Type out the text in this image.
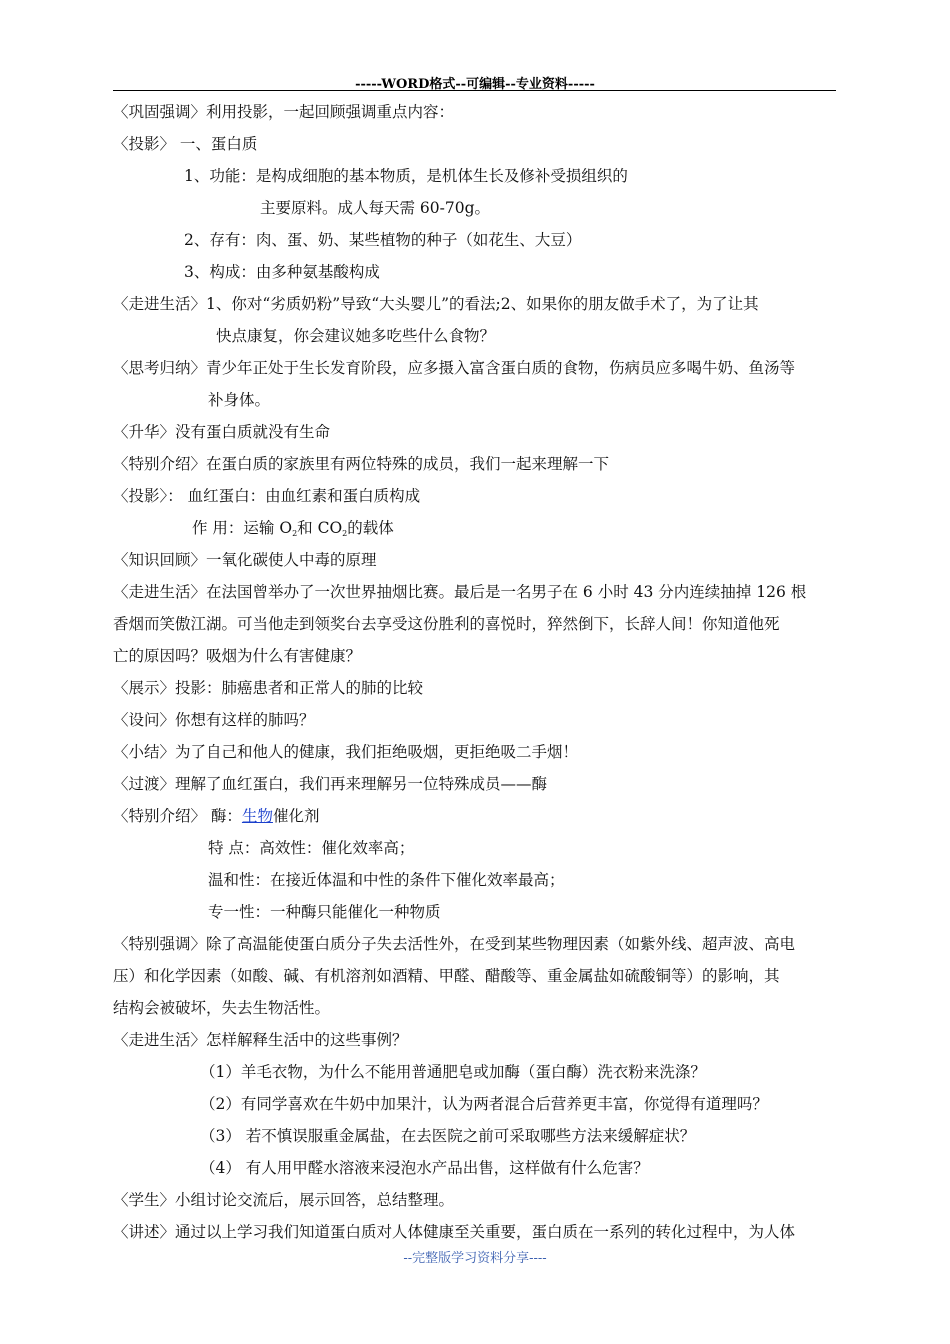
-----WORD格式--可编辑--专业资料-----
〈巩固强调〉利用投影，一起回顾强调重点内容：
〈投影〉 一、蛋白质
1、功能：是构成细胞的基本物质，是机体生长及修补受损组织的
主要原料。成人每天需 60-70g。
2、存有：肉、蛋、奶、某些植物的种子（如花生、大豆）
3、构成：由多种氨基酸构成
〈走进生活〉1、你对“劣质奶粉”导致“大头婴儿”的看法;2、如果你的朋友做手术了，为了让其
快点康复，你会建议她多吃些什么食物？
〈思考归纳〉青少年正处于生长发育阶段，应多摄入富含蛋白质的食物，伤病员应多喝牛奶、鱼汤等
补身体。
〈升华〉没有蛋白质就没有生命
〈特别介绍〉在蛋白质的家族里有两位特殊的成员，我们一起来理解一下
〈投影〉： 血红蛋白：由血红素和蛋白质构成
作 用：运输 $O_2$和 $CO_2$的载体
〈知识回顾〉一氧化碳使人中毒的原理
〈走进生活〉在法国曾举办了一次世界抽烟比赛。最后是一名男子在 6 小时 43 分内连续抽掉 126 根
香烟而笑傲江湖。可当他走到领奖台去享受这份胜利的喜悦时，猝然倒下，长辞人间！你知道他死
亡的原因吗？吸烟为什么有害健康？
〈展示〉投影：肺癌患者和正常人的肺的比较
〈设问〉你想有这样的肺吗？
〈小结〉为了自己和他人的健康，我们拒绝吸烟，更拒绝吸二手烟！
〈过渡〉理解了血红蛋白，我们再来理解另一位特殊成员——酶
〈特别介绍〉 酶：生物催化剂
特 点：高效性：催化效率高；
温和性：在接近体温和中性的条件下催化效率最高；
专一性：一种酶只能催化一种物质
〈特别强调〉除了高温能使蛋白质分子失去活性外，在受到某些物理因素（如紫外线、超声波、高电
压）和化学因素（如酸、碱、有机溶剂如酒精、甲醛、醋酸等、重金属盐如硫酸铜等）的影响，其
结构会被破坏，失去生物活性。
〈走进生活〉怎样解释生活中的这些事例？
（1）羊毛衣物，为什么不能用普通肥皂或加酶（蛋白酶）洗衣粉来洗涤？
（2）有同学喜欢在牛奶中加果汁，认为两者混合后营养更丰富，你觉得有道理吗？
（3） 若不慎误服重金属盐，在去医院之前可采取哪些方法来缓解症状？
（4） 有人用甲醛水溶液来浸泡水产品出售，这样做有什么危害？
〈学生〉小组讨论交流后，展示回答，总结整理。
〈讲述〉通过以上学习我们知道蛋白质对人体健康至关重要，蛋白质在一系列的转化过程中，为人体
--完整版学习资料分享----
